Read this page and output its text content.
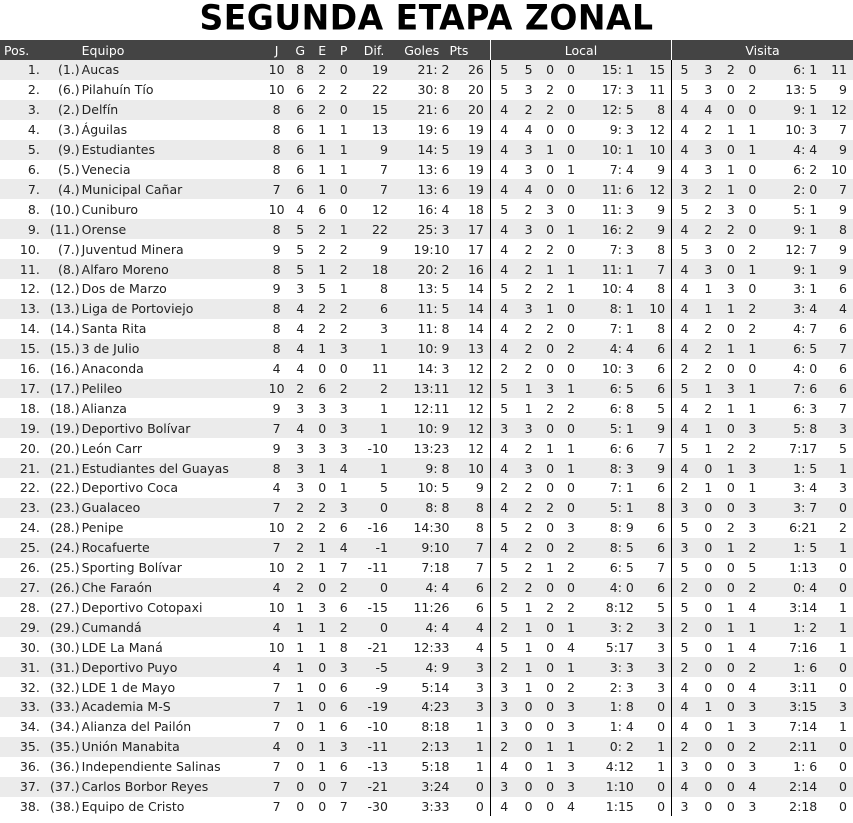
SEGUNDA ETAPA ZONAL
Pos.		Equipo	J	G	E	P	Dif.	Goles	Pts	Local						Visita					
1.	(1.)	Aucas	10	8	2	0	19	21: 2	26	5	5	0	0	15: 1	15	5	3	2	0	6: 1	11
2.	(6.)	Pilahuín Tío	10	6	2	2	22	30: 8	20	5	3	2	0	17: 3	11	5	3	0	2	13: 5	9
3.	(2.)	Delfín	8	6	2	0	15	21: 6	20	4	2	2	0	12: 5	8	4	4	0	0	9: 1	12
4.	(3.)	Águilas	8	6	1	1	13	19: 6	19	4	4	0	0	9: 3	12	4	2	1	1	10: 3	7
5.	(9.)	Estudiantes	8	6	1	1	9	14: 5	19	4	3	1	0	10: 1	10	4	3	0	1	4: 4	9
6.	(5.)	Venecia	8	6	1	1	7	13: 6	19	4	3	0	1	7: 4	9	4	3	1	0	6: 2	10
7.	(4.)	Municipal Cañar	7	6	1	0	7	13: 6	19	4	4	0	0	11: 6	12	3	2	1	0	2: 0	7
8.	(10.)	Cuniburo	10	4	6	0	12	16: 4	18	5	2	3	0	11: 3	9	5	2	3	0	5: 1	9
9.	(11.)	Orense	8	5	2	1	22	25: 3	17	4	3	0	1	16: 2	9	4	2	2	0	9: 1	8
10.	(7.)	Juventud Minera	9	5	2	2	9	19:10	17	4	2	2	0	7: 3	8	5	3	0	2	12: 7	9
11.	(8.)	Alfaro Moreno	8	5	1	2	18	20: 2	16	4	2	1	1	11: 1	7	4	3	0	1	9: 1	9
12.	(12.)	Dos de Marzo	9	3	5	1	8	13: 5	14	5	2	2	1	10: 4	8	4	1	3	0	3: 1	6
13.	(13.)	Liga de Portoviejo	8	4	2	2	6	11: 5	14	4	3	1	0	8: 1	10	4	1	1	2	3: 4	4
14.	(14.)	Santa Rita	8	4	2	2	3	11: 8	14	4	2	2	0	7: 1	8	4	2	0	2	4: 7	6
15.	(15.)	3 de Julio	8	4	1	3	1	10: 9	13	4	2	0	2	4: 4	6	4	2	1	1	6: 5	7
16.	(16.)	Anaconda	4	4	0	0	11	14: 3	12	2	2	0	0	10: 3	6	2	2	0	0	4: 0	6
17.	(17.)	Pelileo	10	2	6	2	2	13:11	12	5	1	3	1	6: 5	6	5	1	3	1	7: 6	6
18.	(18.)	Alianza	9	3	3	3	1	12:11	12	5	1	2	2	6: 8	5	4	2	1	1	6: 3	7
19.	(19.)	Deportivo Bolívar	7	4	0	3	1	10: 9	12	3	3	0	0	5: 1	9	4	1	0	3	5: 8	3
20.	(20.)	León Carr	9	3	3	3	-10	13:23	12	4	2	1	1	6: 6	7	5	1	2	2	7:17	5
21.	(21.)	Estudiantes del Guayas	8	3	1	4	1	9: 8	10	4	3	0	1	8: 3	9	4	0	1	3	1: 5	1
22.	(22.)	Deportivo Coca	4	3	0	1	5	10: 5	9	2	2	0	0	7: 1	6	2	1	0	1	3: 4	3
23.	(23.)	Gualaceo	7	2	2	3	0	8: 8	8	4	2	2	0	5: 1	8	3	0	0	3	3: 7	0
24.	(28.)	Penipe	10	2	2	6	-16	14:30	8	5	2	0	3	8: 9	6	5	0	2	3	6:21	2
25.	(24.)	Rocafuerte	7	2	1	4	-1	9:10	7	4	2	0	2	8: 5	6	3	0	1	2	1: 5	1
26.	(25.)	Sporting Bolívar	10	2	1	7	-11	7:18	7	5	2	1	2	6: 5	7	5	0	0	5	1:13	0
27.	(26.)	Che Faraón	4	2	0	2	0	4: 4	6	2	2	0	0	4: 0	6	2	0	0	2	0: 4	0
28.	(27.)	Deportivo Cotopaxi	10	1	3	6	-15	11:26	6	5	1	2	2	8:12	5	5	0	1	4	3:14	1
29.	(29.)	Cumandá	4	1	1	2	0	4: 4	4	2	1	0	1	3: 2	3	2	0	1	1	1: 2	1
30.	(30.)	LDE La Maná	10	1	1	8	-21	12:33	4	5	1	0	4	5:17	3	5	0	1	4	7:16	1
31.	(31.)	Deportivo Puyo	4	1	0	3	-5	4: 9	3	2	1	0	1	3: 3	3	2	0	0	2	1: 6	0
32.	(32.)	LDE 1 de Mayo	7	1	0	6	-9	5:14	3	3	1	0	2	2: 3	3	4	0	0	4	3:11	0
33.	(33.)	Academia M-S	7	1	0	6	-19	4:23	3	3	0	0	3	1: 8	0	4	1	0	3	3:15	3
34.	(34.)	Alianza del Pailón	7	0	1	6	-10	8:18	1	3	0	0	3	1: 4	0	4	0	1	3	7:14	1
35.	(35.)	Unión Manabita	4	0	1	3	-11	2:13	1	2	0	1	1	0: 2	1	2	0	0	2	2:11	0
36.	(36.)	Independiente Salinas	7	0	1	6	-13	5:18	1	4	0	1	3	4:12	1	3	0	0	3	1: 6	0
37.	(37.)	Carlos Borbor Reyes	7	0	0	7	-21	3:24	0	3	0	0	3	1:10	0	4	0	0	4	2:14	0
38.	(38.)	Equipo de Cristo	7	0	0	7	-30	3:33	0	4	0	0	4	1:15	0	3	0	0	3	2:18	0
